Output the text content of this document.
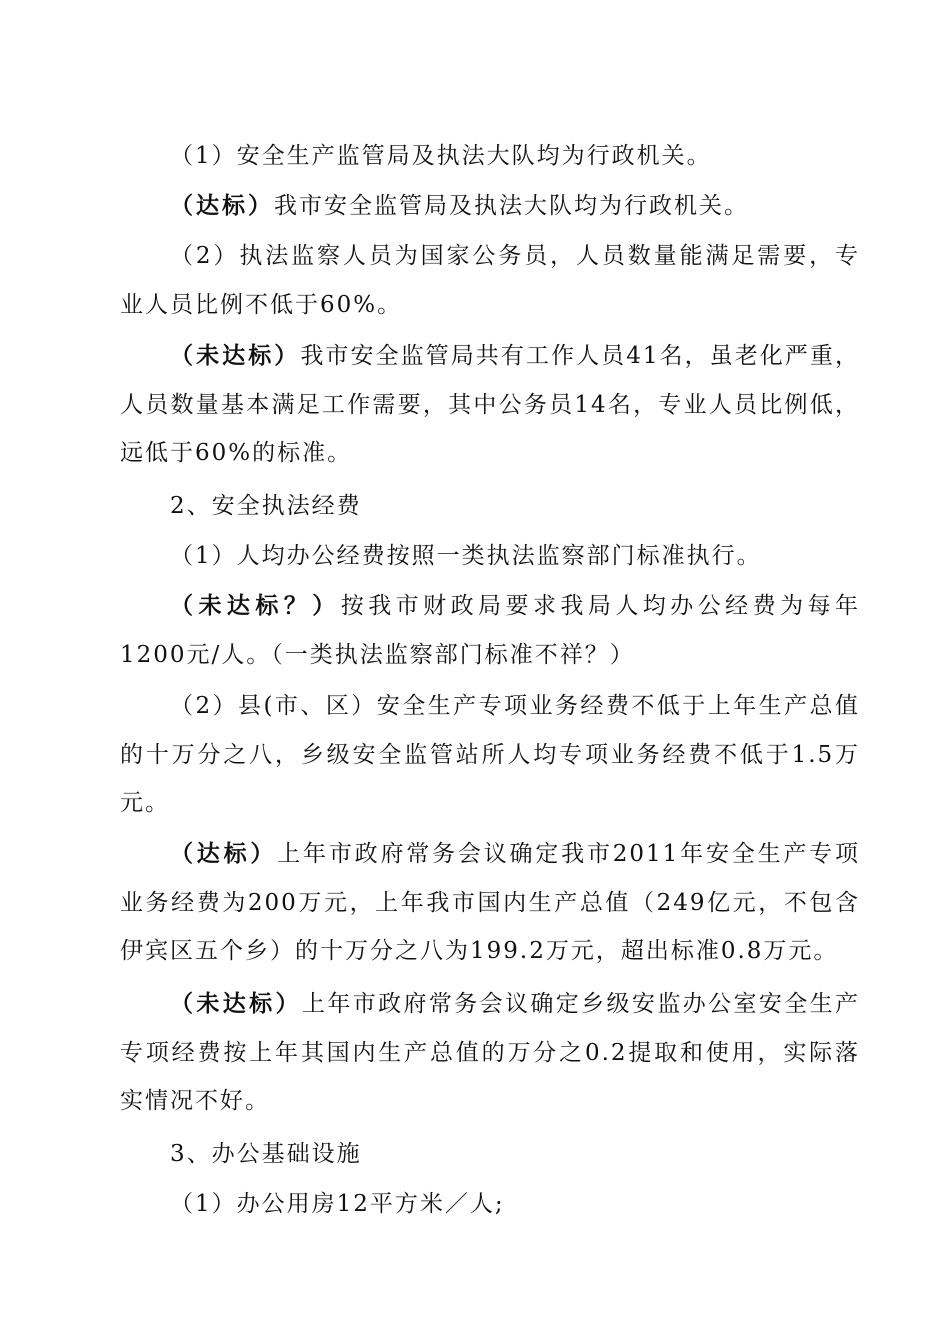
（1）安全生产监管局及执法大队均为行政机关。

（达标）我市安全监管局及执法大队均为行政机关。

（2）执法监察人员为国家公务员，人员数量能满足需要，专业人员比例不低于60%。

（未达标）我市安全监管局共有工作人员41名，虽老化严重，人员数量基本满足工作需要，其中公务员14名，专业人员比例低，远低于60%的标准。

2、安全执法经费

（1）人均办公经费按照一类执法监察部门标准执行。

（未达标？）按我市财政局要求我局人均办公经费为每年1200元/人。（一类执法监察部门标准不祥？）

（2）县(市、区）安全生产专项业务经费不低于上年生产总值的十万分之八，乡级安全监管站所人均专项业务经费不低于1.5万元。

（达标）上年市政府常务会议确定我市2011年安全生产专项业务经费为200万元，上年我市国内生产总值（249亿元，不包含伊宾区五个乡）的十万分之八为199.2万元，超出标准0.8万元。

（未达标）上年市政府常务会议确定乡级安监办公室安全生产专项经费按上年其国内生产总值的万分之0.2提取和使用，实际落实情况不好。

3、办公基础设施

（1）办公用房12平方米／人;
